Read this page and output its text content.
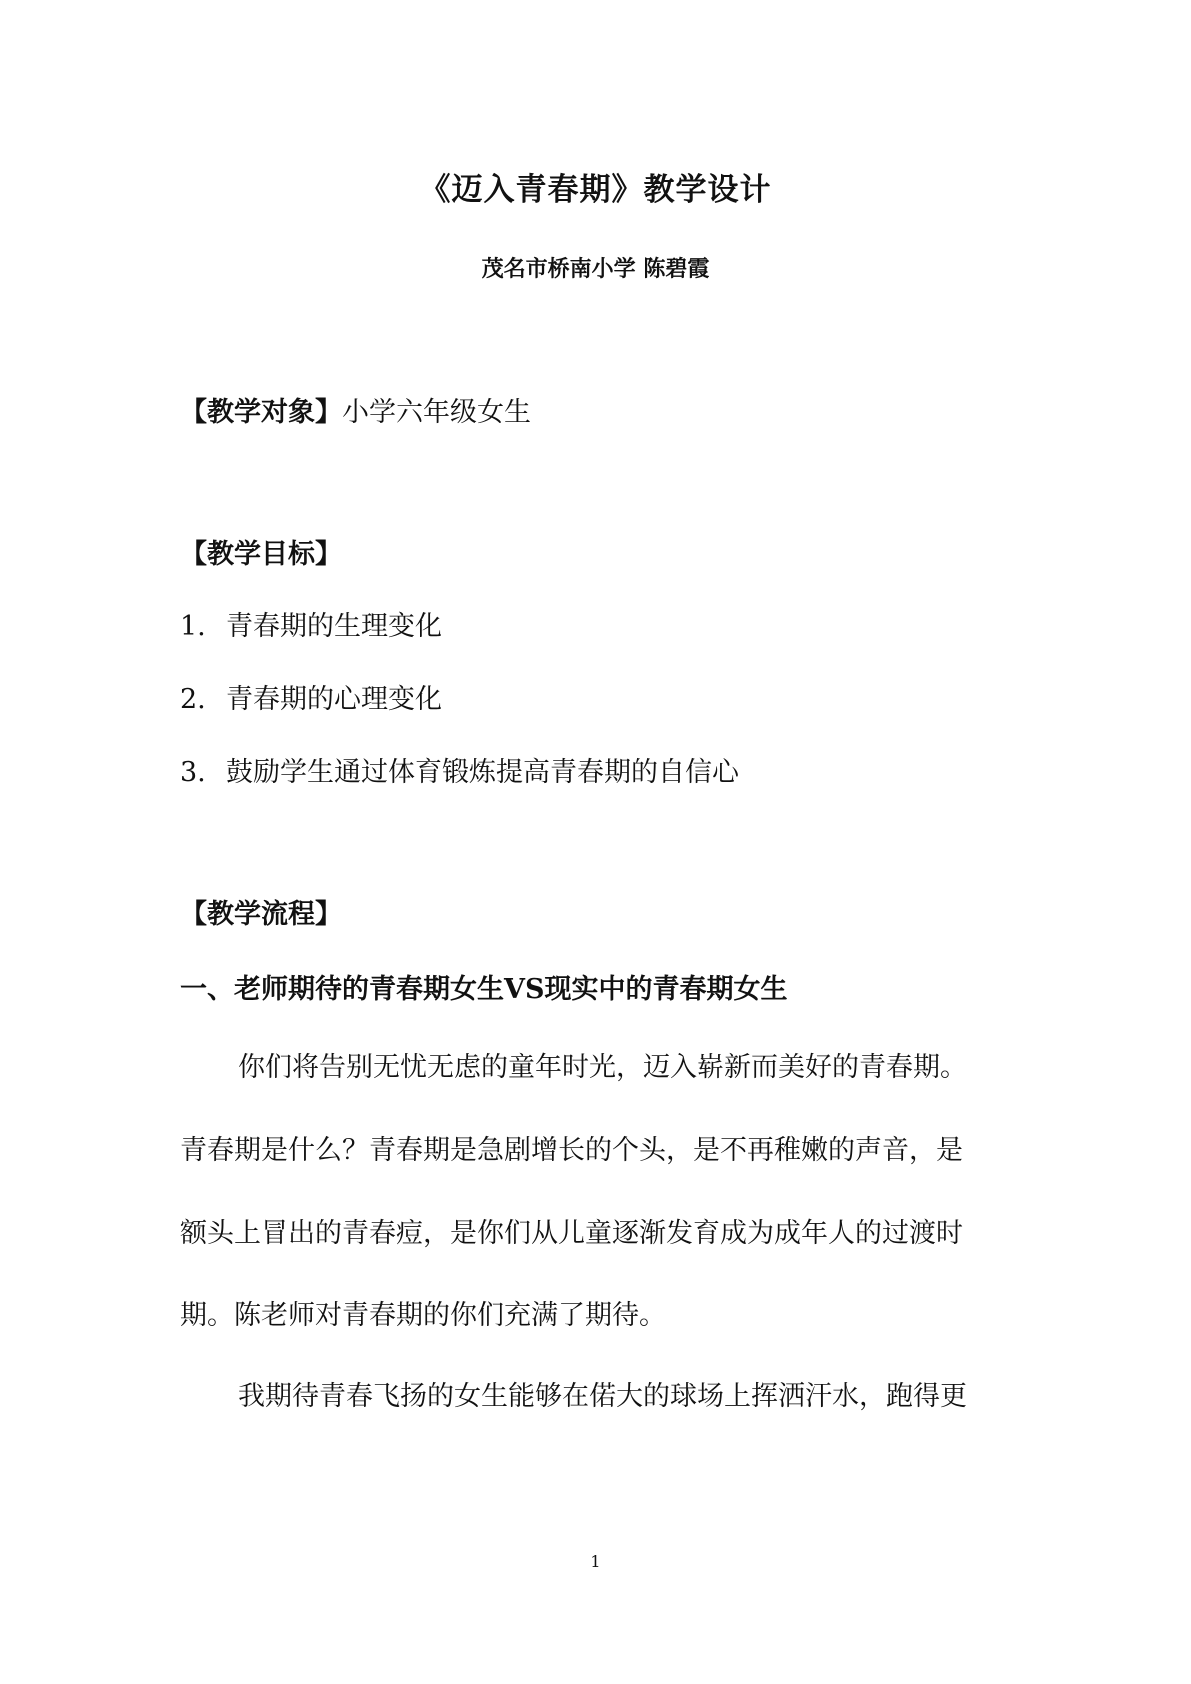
《迈入青春期》教学设计

茂名市桥南小学 陈碧霞

【教学对象】小学六年级女生

【教学目标】

1. 青春期的生理变化

2. 青春期的心理变化

3. 鼓励学生通过体育锻炼提高青春期的自信心

【教学流程】

一、老师期待的青春期女生VS现实中的青春期女生

你们将告别无忧无虑的童年时光，迈入崭新而美好的青春期。

青春期是什么？青春期是急剧增长的个头，是不再稚嫩的声音，是

额头上冒出的青春痘，是你们从儿童逐渐发育成为成年人的过渡时

期。陈老师对青春期的你们充满了期待。

我期待青春飞扬的女生能够在偌大的球场上挥洒汗水，跑得更

1
